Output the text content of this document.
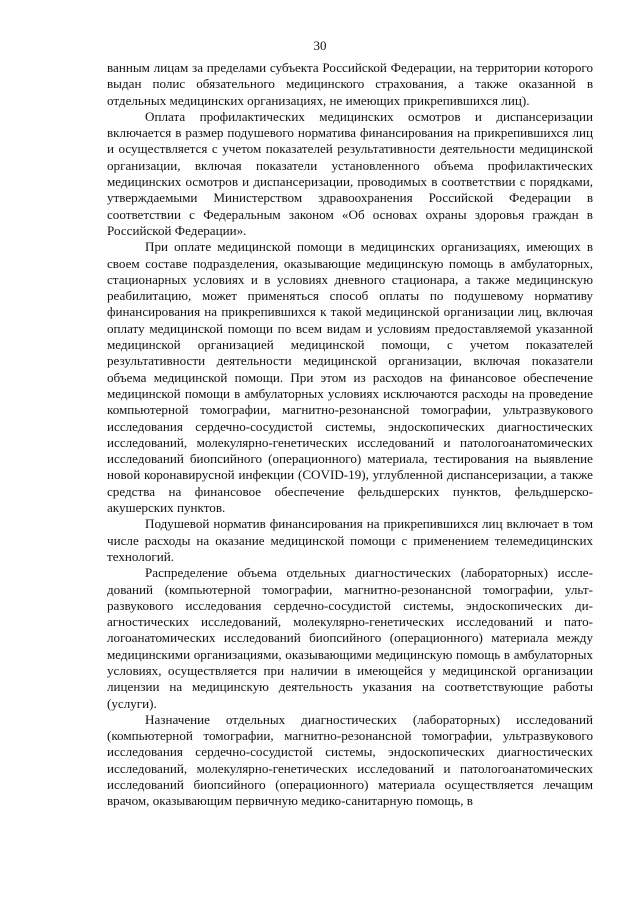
30

ванным лицам за пределами субъекта Российской Федерации, на территории которого выдан полис обязательного медицинского страхования, а также оказанной в отдельных медицинских организациях, не имеющих прикрепившихся лиц).

Оплата профилактических медицинских осмотров и диспансеризации включается в размер подушевого норматива финансирования на прикрепившихся лиц и осуществляется с учетом показателей результативности деятельности медицинской организации, включая показатели установленного объема профилактических медицинских осмотров и диспансеризации, проводимых в соответствии с порядками, утверждаемыми Министерством здравоохранения Российской Федерации в соответствии с Федеральным законом «Об основах охраны здоровья граждан в Российской Федерации».

При оплате медицинской помощи в медицинских организациях, имеющих в своем составе подразделения, оказывающие медицинскую помощь в амбулаторных, стационарных условиях и в условиях дневного стационара, а также медицинскую реабилитацию, может применяться способ оплаты по подушевому нормативу финансирования на прикрепившихся к такой медицинской организации лиц, включая оплату медицинской помощи по всем видам и условиям предоставляемой указанной медицинской организацией медицинской помощи, с учетом показателей результативности деятельности медицинской организации, включая показатели объема медицинской помощи. При этом из расходов на финансовое обеспечение медицинской помощи в амбулаторных условиях исключаются расходы на проведение компьютерной томографии, магнитно-резонансной томографии, ультразвукового исследования сердечно-сосудистой системы, эндоскопических диагностических исследований, молекулярно-генетических исследований и патологоанатомических исследований биопсийного (операционного) материала, тестирования на выявление новой коронавирусной инфекции (COVID-19), углубленной диспансеризации, а также средства на финансовое обеспечение фельдшерских пунктов, фельдшерско-акушерских пунктов.

Подушевой норматив финансирования на прикрепившихся лиц включает в том числе расходы на оказание медицинской помощи с применением телемедицинских технологий.

Распределение объема отдельных диагностических (лабораторных) исследований (компьютерной томографии, магнитно-резонансной томографии, ультразвукового исследования сердечно-сосудистой системы, эндоскопических диагностических исследований, молекулярно-генетических исследований и патологоанатомических исследований биопсийного (операционного) материала между медицинскими организациями, оказывающими медицинскую помощь в амбулаторных условиях, осуществляется при наличии в имеющейся у медицинской организации лицензии на медицинскую деятельность указания на соответствующие работы (услуги).

Назначение отдельных диагностических (лабораторных) исследований (компьютерной томографии, магнитно-резонансной томографии, ультразвукового исследования сердечно-сосудистой системы, эндоскопических диагностических исследований, молекулярно-генетических исследований и патологоанатомических исследований биопсийного (операционного) материала осуществляется лечащим врачом, оказывающим первичную медико-санитарную помощь, в
